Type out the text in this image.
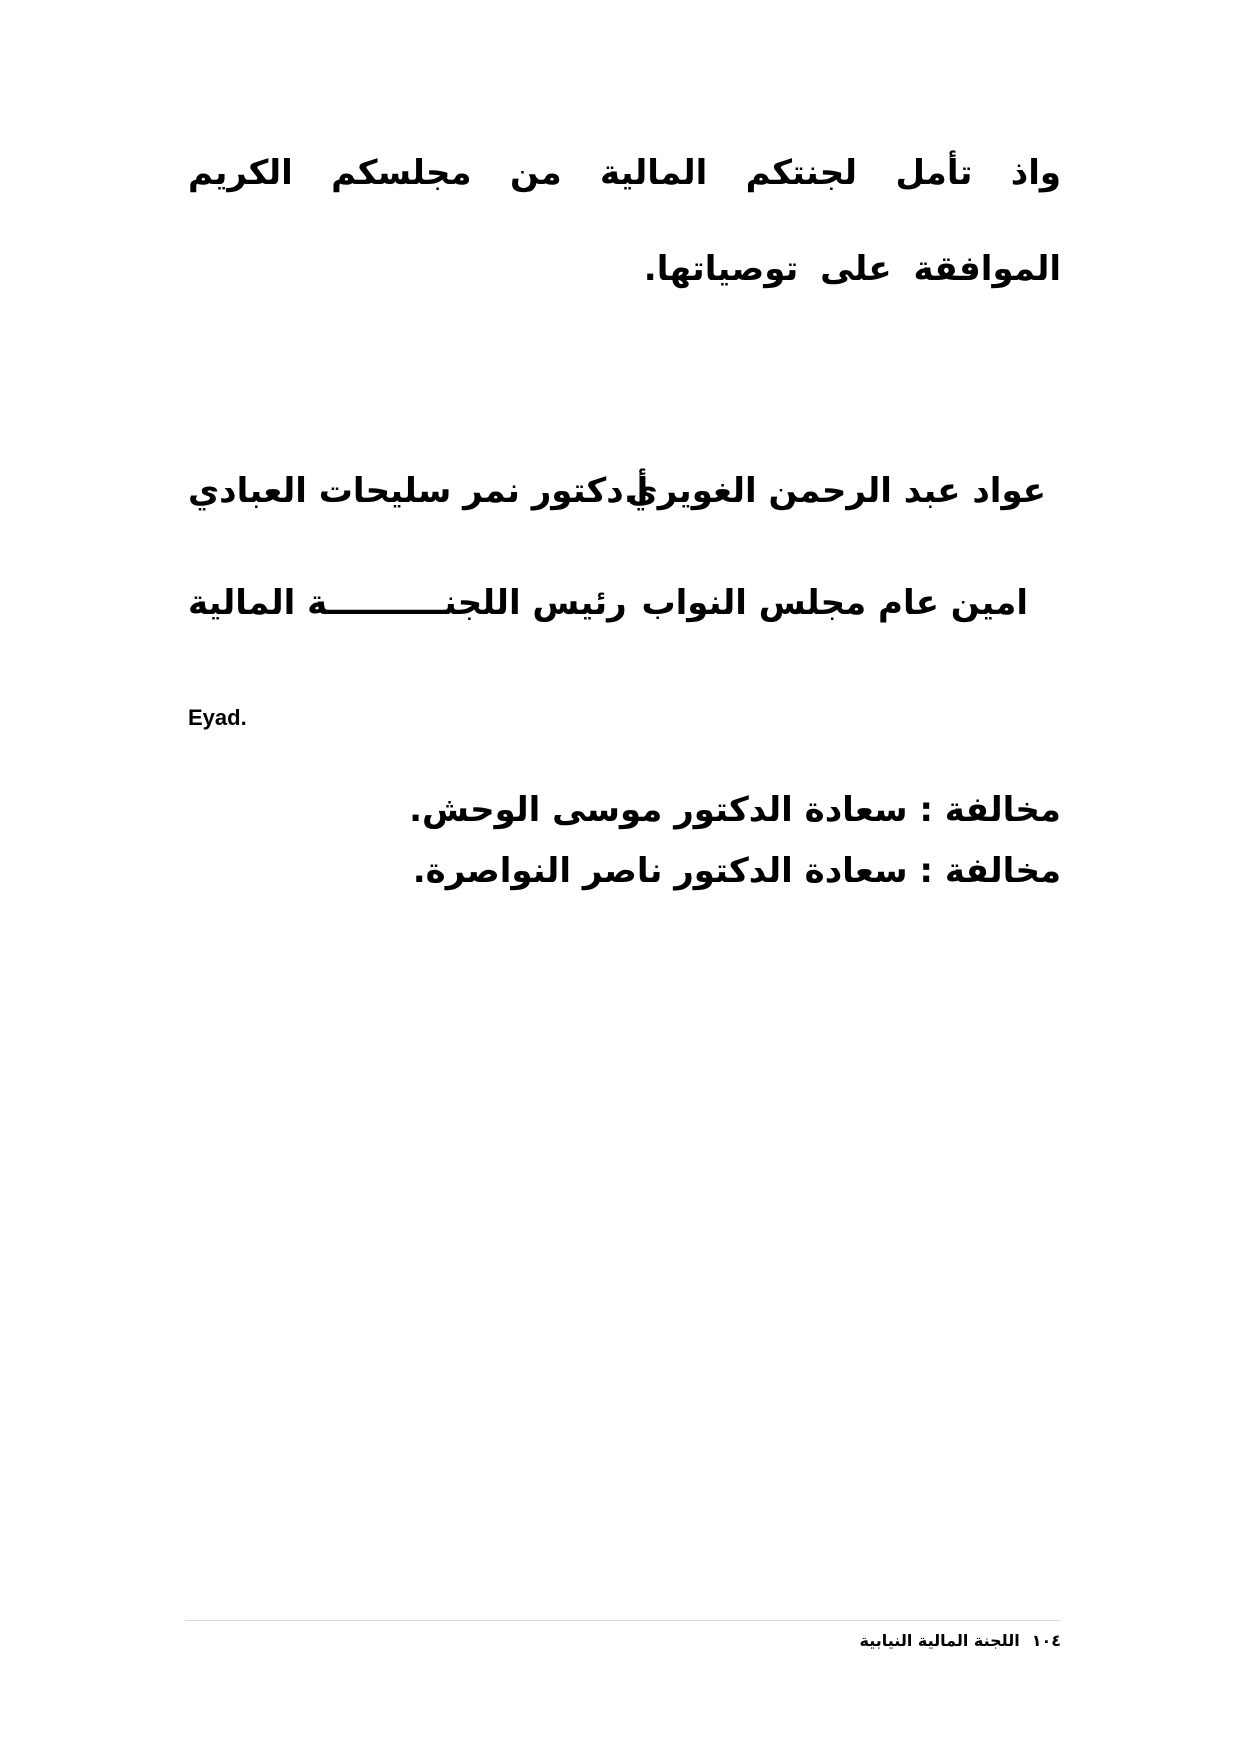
واذ تأمل لجنتكم المالية من مجلسكم الكريم الموافقة على توصياتها.
عواد عبد الرحمن الغويري
أ.دكتور نمر سليحات العبادي
امين عام مجلس النواب
رئيس اللجنــــــــــة المالية
Eyad.
مخالفة : سعادة الدكتور موسى الوحش.
مخالفة : سعادة الدكتور ناصر النواصرة.
١٠٤اللجنة المالية النيابية
